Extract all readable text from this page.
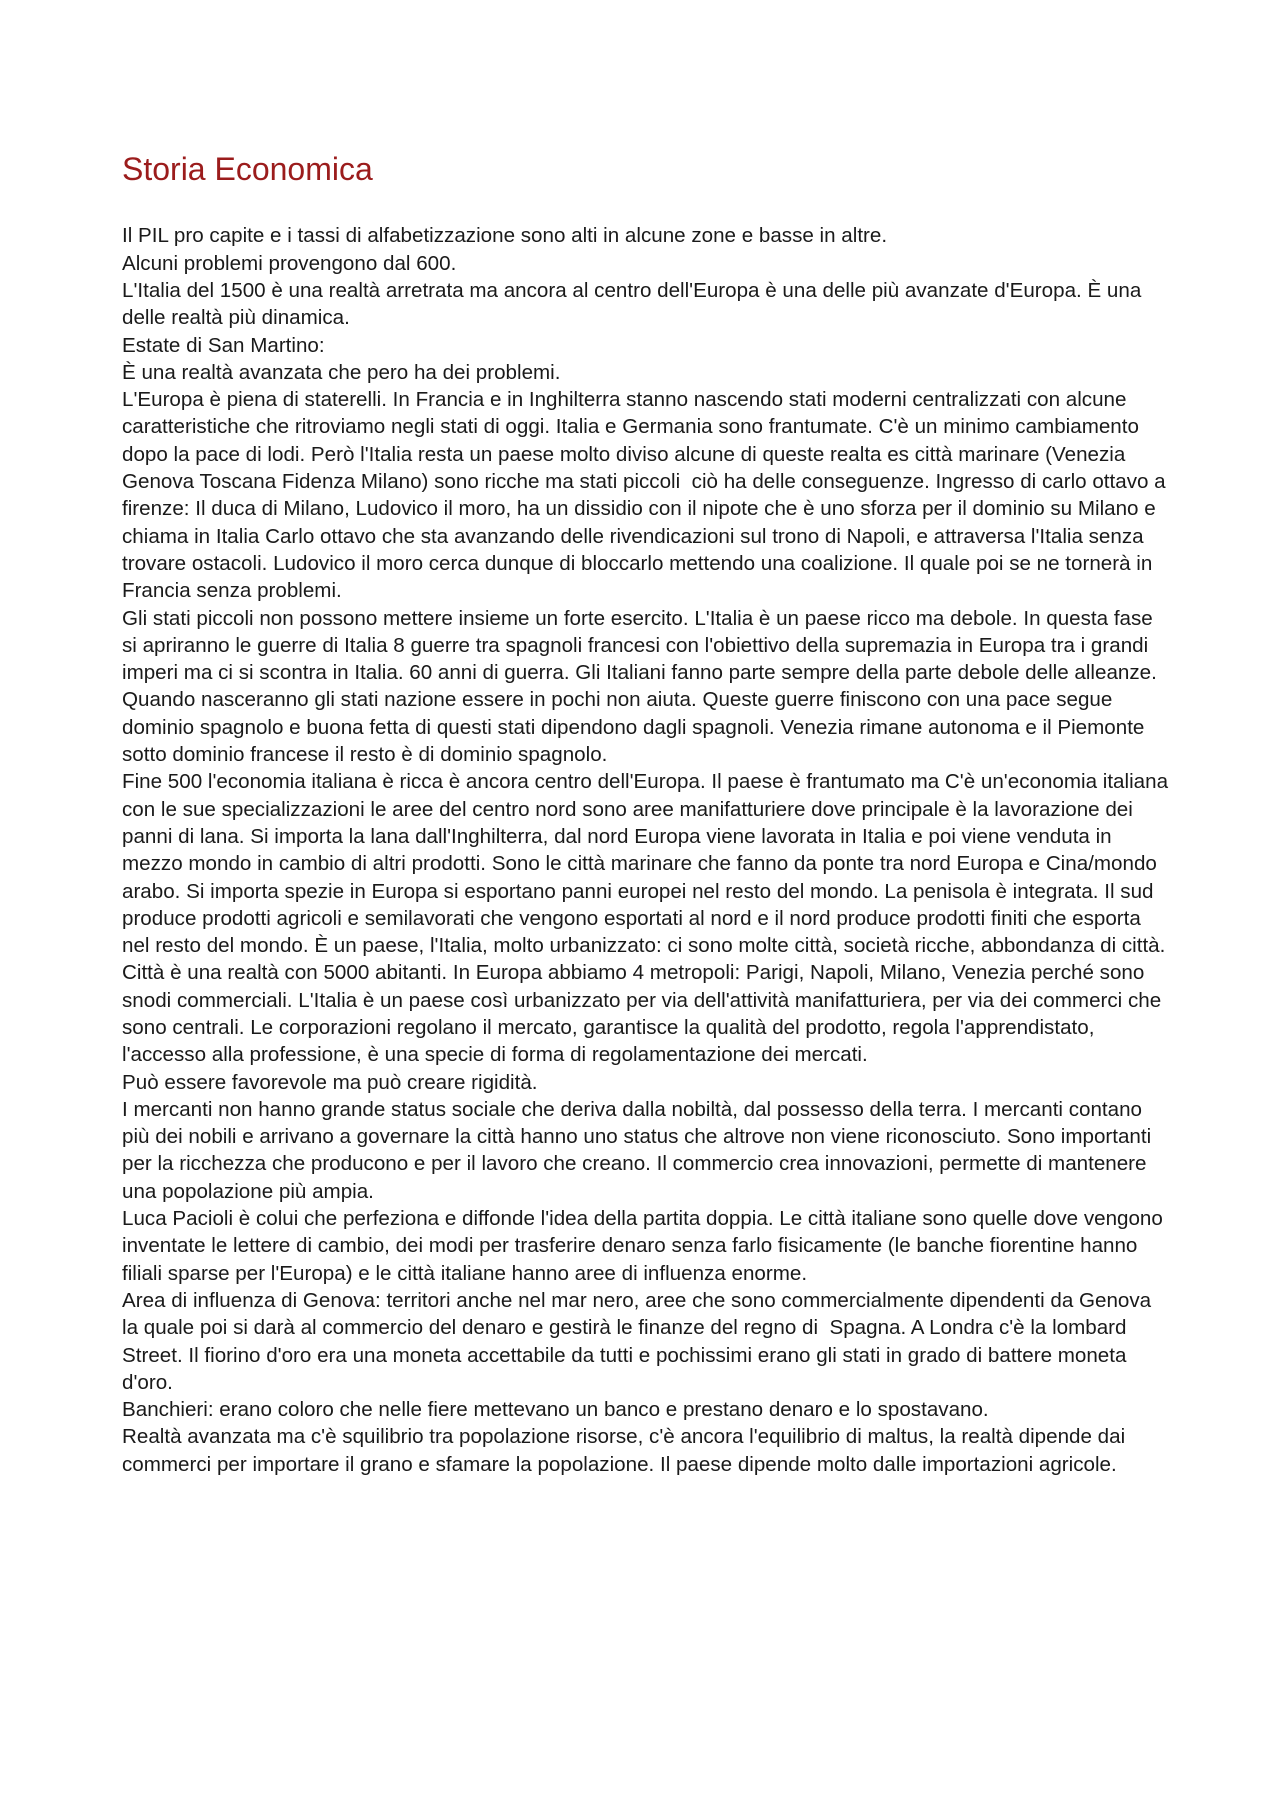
Storia Economica

Il PIL pro capite e i tassi di alfabetizzazione sono alti in alcune zone e basse in altre.

Alcuni problemi provengono dal 600.

L'Italia del 1500 è una realtà arretrata ma ancora al centro dell'Europa è una delle più avanzate d'Europa. È una delle realtà più dinamica.

Estate di San Martino:

È una realtà avanzata che pero ha dei problemi.

L'Europa è piena di staterelli. In Francia e in Inghilterra stanno nascendo stati moderni centralizzati con alcune caratteristiche che ritroviamo negli stati di oggi. Italia e Germania sono frantumate. C'è un minimo cambiamento dopo la pace di lodi. Però l'Italia resta un paese molto diviso alcune di queste realta es città marinare (Venezia Genova Toscana Fidenza Milano) sono ricche ma stati piccoli  ciò ha delle conseguenze. Ingresso di carlo ottavo a firenze: Il duca di Milano, Ludovico il moro, ha un dissidio con il nipote che è uno sforza per il dominio su Milano e chiama in Italia Carlo ottavo che sta avanzando delle rivendicazioni sul trono di Napoli, e attraversa l'Italia senza trovare ostacoli. Ludovico il moro cerca dunque di bloccarlo mettendo una coalizione. Il quale poi se ne tornerà in Francia senza problemi.

Gli stati piccoli non possono mettere insieme un forte esercito. L'Italia è un paese ricco ma debole. In questa fase si apriranno le guerre di Italia 8 guerre tra spagnoli francesi con l'obiettivo della supremazia in Europa tra i grandi imperi ma ci si scontra in Italia. 60 anni di guerra. Gli Italiani fanno parte sempre della parte debole delle alleanze. Quando nasceranno gli stati nazione essere in pochi non aiuta. Queste guerre finiscono con una pace segue dominio spagnolo e buona fetta di questi stati dipendono dagli spagnoli. Venezia rimane autonoma e il Piemonte sotto dominio francese il resto è di dominio spagnolo.

Fine 500 l'economia italiana è ricca è ancora centro dell'Europa. Il paese è frantumato ma C'è un'economia italiana con le sue specializzazioni le aree del centro nord sono aree manifatturiere dove principale è la lavorazione dei panni di lana. Si importa la lana dall'Inghilterra, dal nord Europa viene lavorata in Italia e poi viene venduta in mezzo mondo in cambio di altri prodotti. Sono le città marinare che fanno da ponte tra nord Europa e Cina/mondo arabo. Si importa spezie in Europa si esportano panni europei nel resto del mondo. La penisola è integrata. Il sud produce prodotti agricoli e semilavorati che vengono esportati al nord e il nord produce prodotti finiti che esporta nel resto del mondo. È un paese, l'Italia, molto urbanizzato: ci sono molte città, società ricche, abbondanza di città. Città è una realtà con 5000 abitanti. In Europa abbiamo 4 metropoli: Parigi, Napoli, Milano, Venezia perché sono snodi commerciali. L'Italia è un paese così urbanizzato per via dell'attività manifatturiera, per via dei commerci che sono centrali. Le corporazioni regolano il mercato, garantisce la qualità del prodotto, regola l'apprendistato, l'accesso alla professione, è una specie di forma di regolamentazione dei mercati.

Può essere favorevole ma può creare rigidità.

I mercanti non hanno grande status sociale che deriva dalla nobiltà, dal possesso della terra. I mercanti contano più dei nobili e arrivano a governare la città hanno uno status che altrove non viene riconosciuto. Sono importanti per la ricchezza che producono e per il lavoro che creano. Il commercio crea innovazioni, permette di mantenere una popolazione più ampia.

Luca Pacioli è colui che perfeziona e diffonde l'idea della partita doppia. Le città italiane sono quelle dove vengono inventate le lettere di cambio, dei modi per trasferire denaro senza farlo fisicamente (le banche fiorentine hanno filiali sparse per l'Europa) e le città italiane hanno aree di influenza enorme.

Area di influenza di Genova: territori anche nel mar nero, aree che sono commercialmente dipendenti da Genova la quale poi si darà al commercio del denaro e gestirà le finanze del regno di  Spagna. A Londra c'è la lombard Street. Il fiorino d'oro era una moneta accettabile da tutti e pochissimi erano gli stati in grado di battere moneta d'oro.

Banchieri: erano coloro che nelle fiere mettevano un banco e prestano denaro e lo spostavano.

Realtà avanzata ma c'è squilibrio tra popolazione risorse, c'è ancora l'equilibrio di maltus, la realtà dipende dai commerci per importare il grano e sfamare la popolazione. Il paese dipende molto dalle importazioni agricole.
